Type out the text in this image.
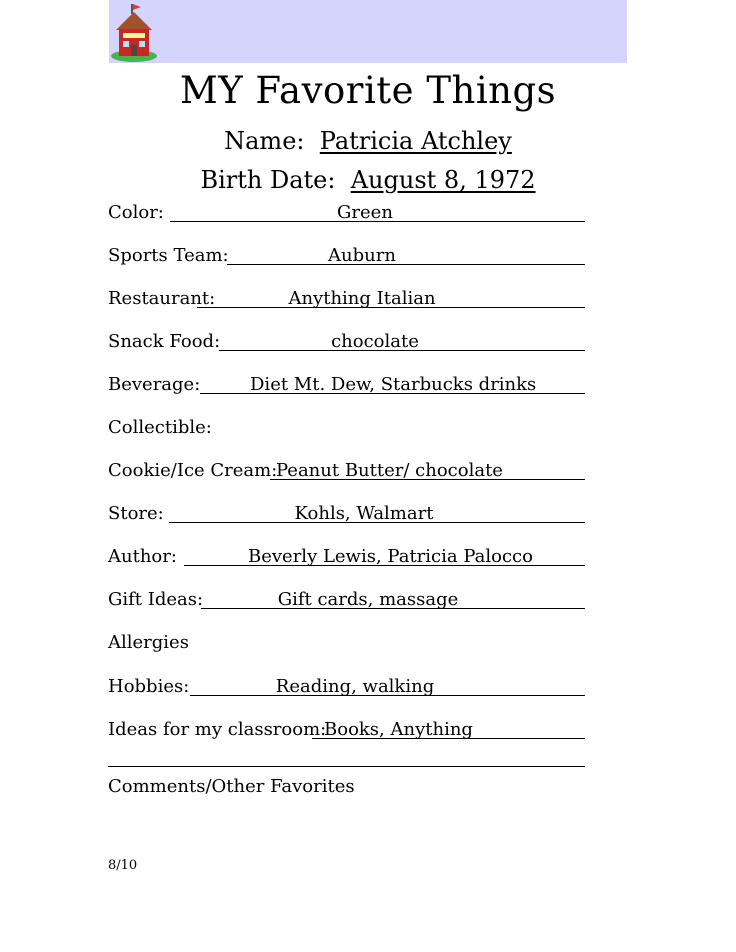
MY Favorite Things
Name: Patricia Atchley
Birth Date: August 8, 1972
Color:	Green
Sports Team:	Auburn
Restaurant:	Anything Italian
Snack Food:	chocolate
Beverage:	Diet Mt. Dew, Starbucks drinks
Collectible:
Cookie/Ice Cream:
Peanut Butter/ chocolate
Store:	Kohls, Walmart
Author:	Beverly Lewis, Patricia Palocco
Gift Ideas:	Gift cards, massage
Allergies
Hobbies:	Reading, walking
Ideas for my classroom:
Books, Anything
Comments/Other Favorites
8/10
